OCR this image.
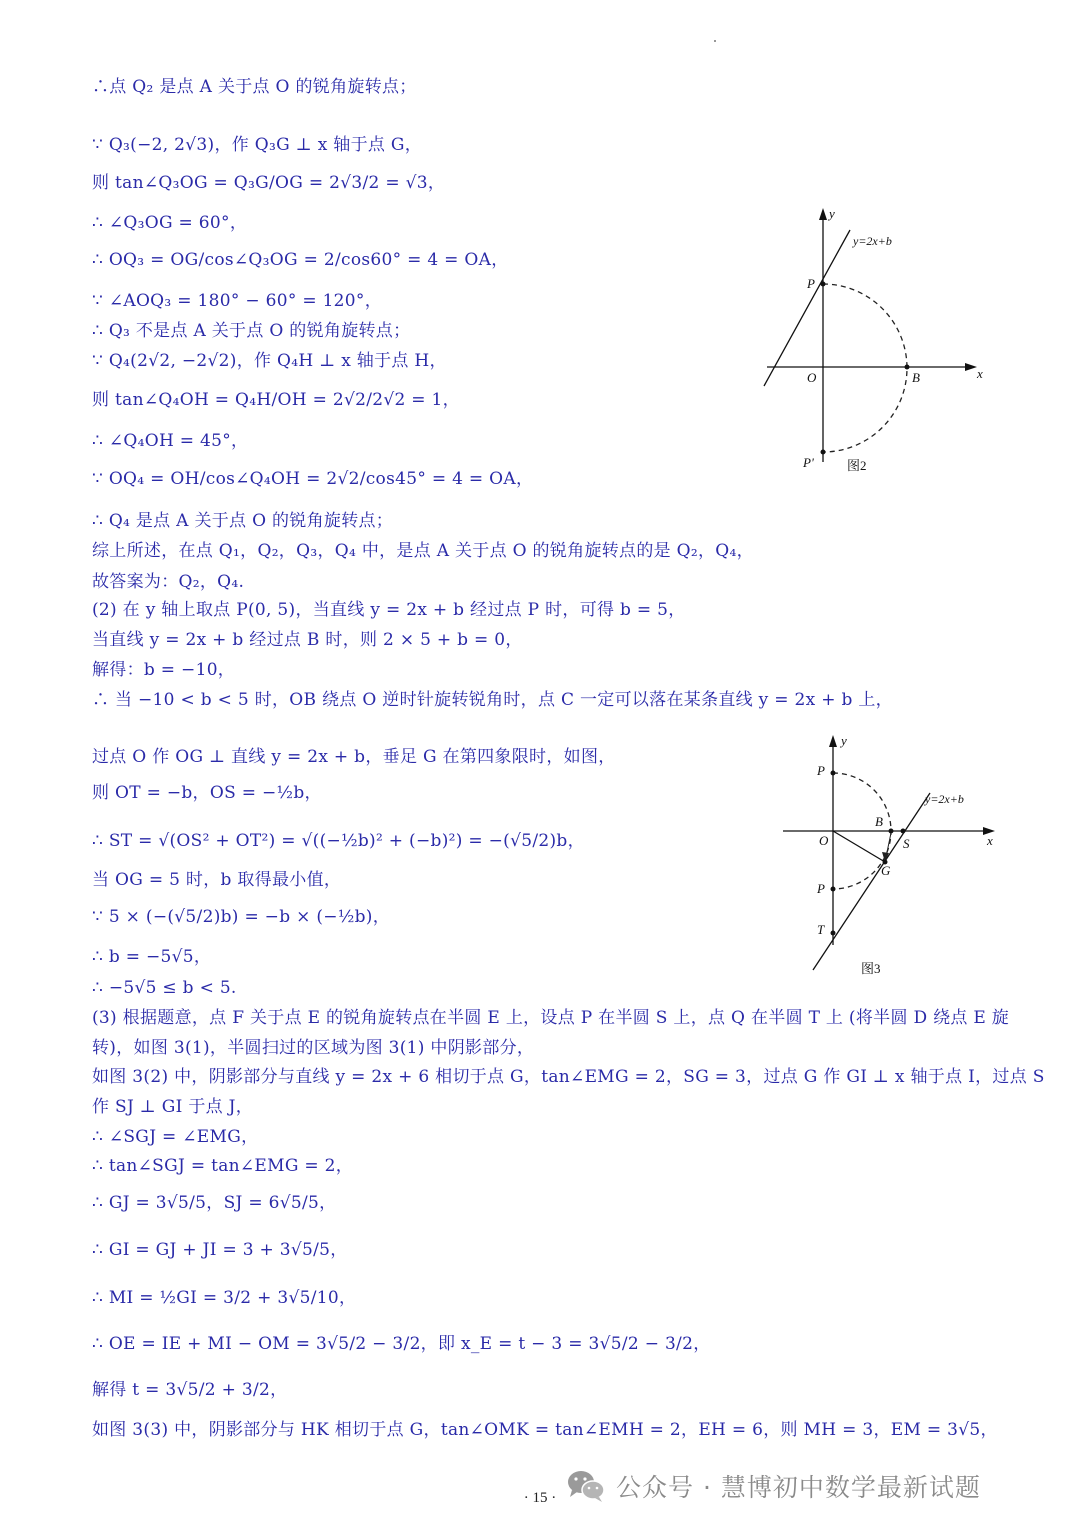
∴点 Q₂ 是点 A 关于点 O 的锐角旋转点；
∵ Q₃(−2, 2√3)，作 Q₃G ⊥ x 轴于点 G，
则 tan∠Q₃OG = Q₃G/OG = 2√3/2 = √3，
∴ ∠Q₃OG = 60°，
∴ OQ₃ = OG/cos∠Q₃OG = 2/cos60° = 4 = OA，
∵ ∠AOQ₃ = 180° − 60° = 120°，
∴ Q₃ 不是点 A 关于点 O 的锐角旋转点；
∵ Q₄(2√2, −2√2)，作 Q₄H ⊥ x 轴于点 H，
则 tan∠Q₄OH = Q₄H/OH = 2√2/2√2 = 1，
∴ ∠Q₄OH = 45°，
∵ OQ₄ = OH/cos∠Q₄OH = 2√2/cos45° = 4 = OA，
∴ Q₄ 是点 A 关于点 O 的锐角旋转点；
综上所述，在点 Q₁，Q₂，Q₃，Q₄ 中，是点 A 关于点 O 的锐角旋转点的是 Q₂，Q₄，
故答案为：Q₂，Q₄.
(2) 在 y 轴上取点 P(0, 5)，当直线 y = 2x + b 经过点 P 时，可得 b = 5，
当直线 y = 2x + b 经过点 B 时，则 2 × 5 + b = 0，
解得：b = −10，
∴ 当 −10 < b < 5 时，OB 绕点 O 逆时针旋转锐角时，点 C 一定可以落在某条直线 y = 2x + b 上，
过点 O 作 OG ⊥ 直线 y = 2x + b，垂足 G 在第四象限时，如图，
则 OT = −b，OS = −½b，
∴ ST = √(OS² + OT²) = √((−½b)² + (−b)²) = −(√5/2)b，
当 OG = 5 时，b 取得最小值，
∵ 5 × (−(√5/2)b) = −b × (−½b)，
∴ b = −5√5，
∴ −5√5 ≤ b < 5.
(3) 根据题意，点 F 关于点 E 的锐角旋转点在半圆 E 上，设点 P 在半圆 S 上，点 Q 在半圆 T 上 (将半圆 D 绕点 E 旋
转)，如图 3(1)，半圆扫过的区域为图 3(1) 中阴影部分，
如图 3(2) 中，阴影部分与直线 y = 2x + 6 相切于点 G，tan∠EMG = 2，SG = 3，过点 G 作 GI ⊥ x 轴于点 I，过点 S
作 SJ ⊥ GI 于点 J，
∴ ∠SGJ = ∠EMG，
∴ tan∠SGJ = tan∠EMG = 2，
∴ GJ = 3√5/5，SJ = 6√5/5，
∴ GI = GJ + JI = 3 + 3√5/5，
∴ MI = ½GI = 3/2 + 3√5/10，
∴ OE = IE + MI − OM = 3√5/2 − 3/2，即 x_E = t − 3 = 3√5/2 − 3/2，
解得 t = 3√5/2 + 3/2，
如图 3(3) 中，阴影部分与 HK 相切于点 G，tan∠OMK = tan∠EMH = 2，EH = 6，则 MH = 3，EM = 3√5，
y=2x+b
y
x
O
P
B
P'	图2
y=2x+b
y
x
O
P
B
S
G
P
T
图3
· 15 ·	公众号 · 慧博初中数学最新试题
